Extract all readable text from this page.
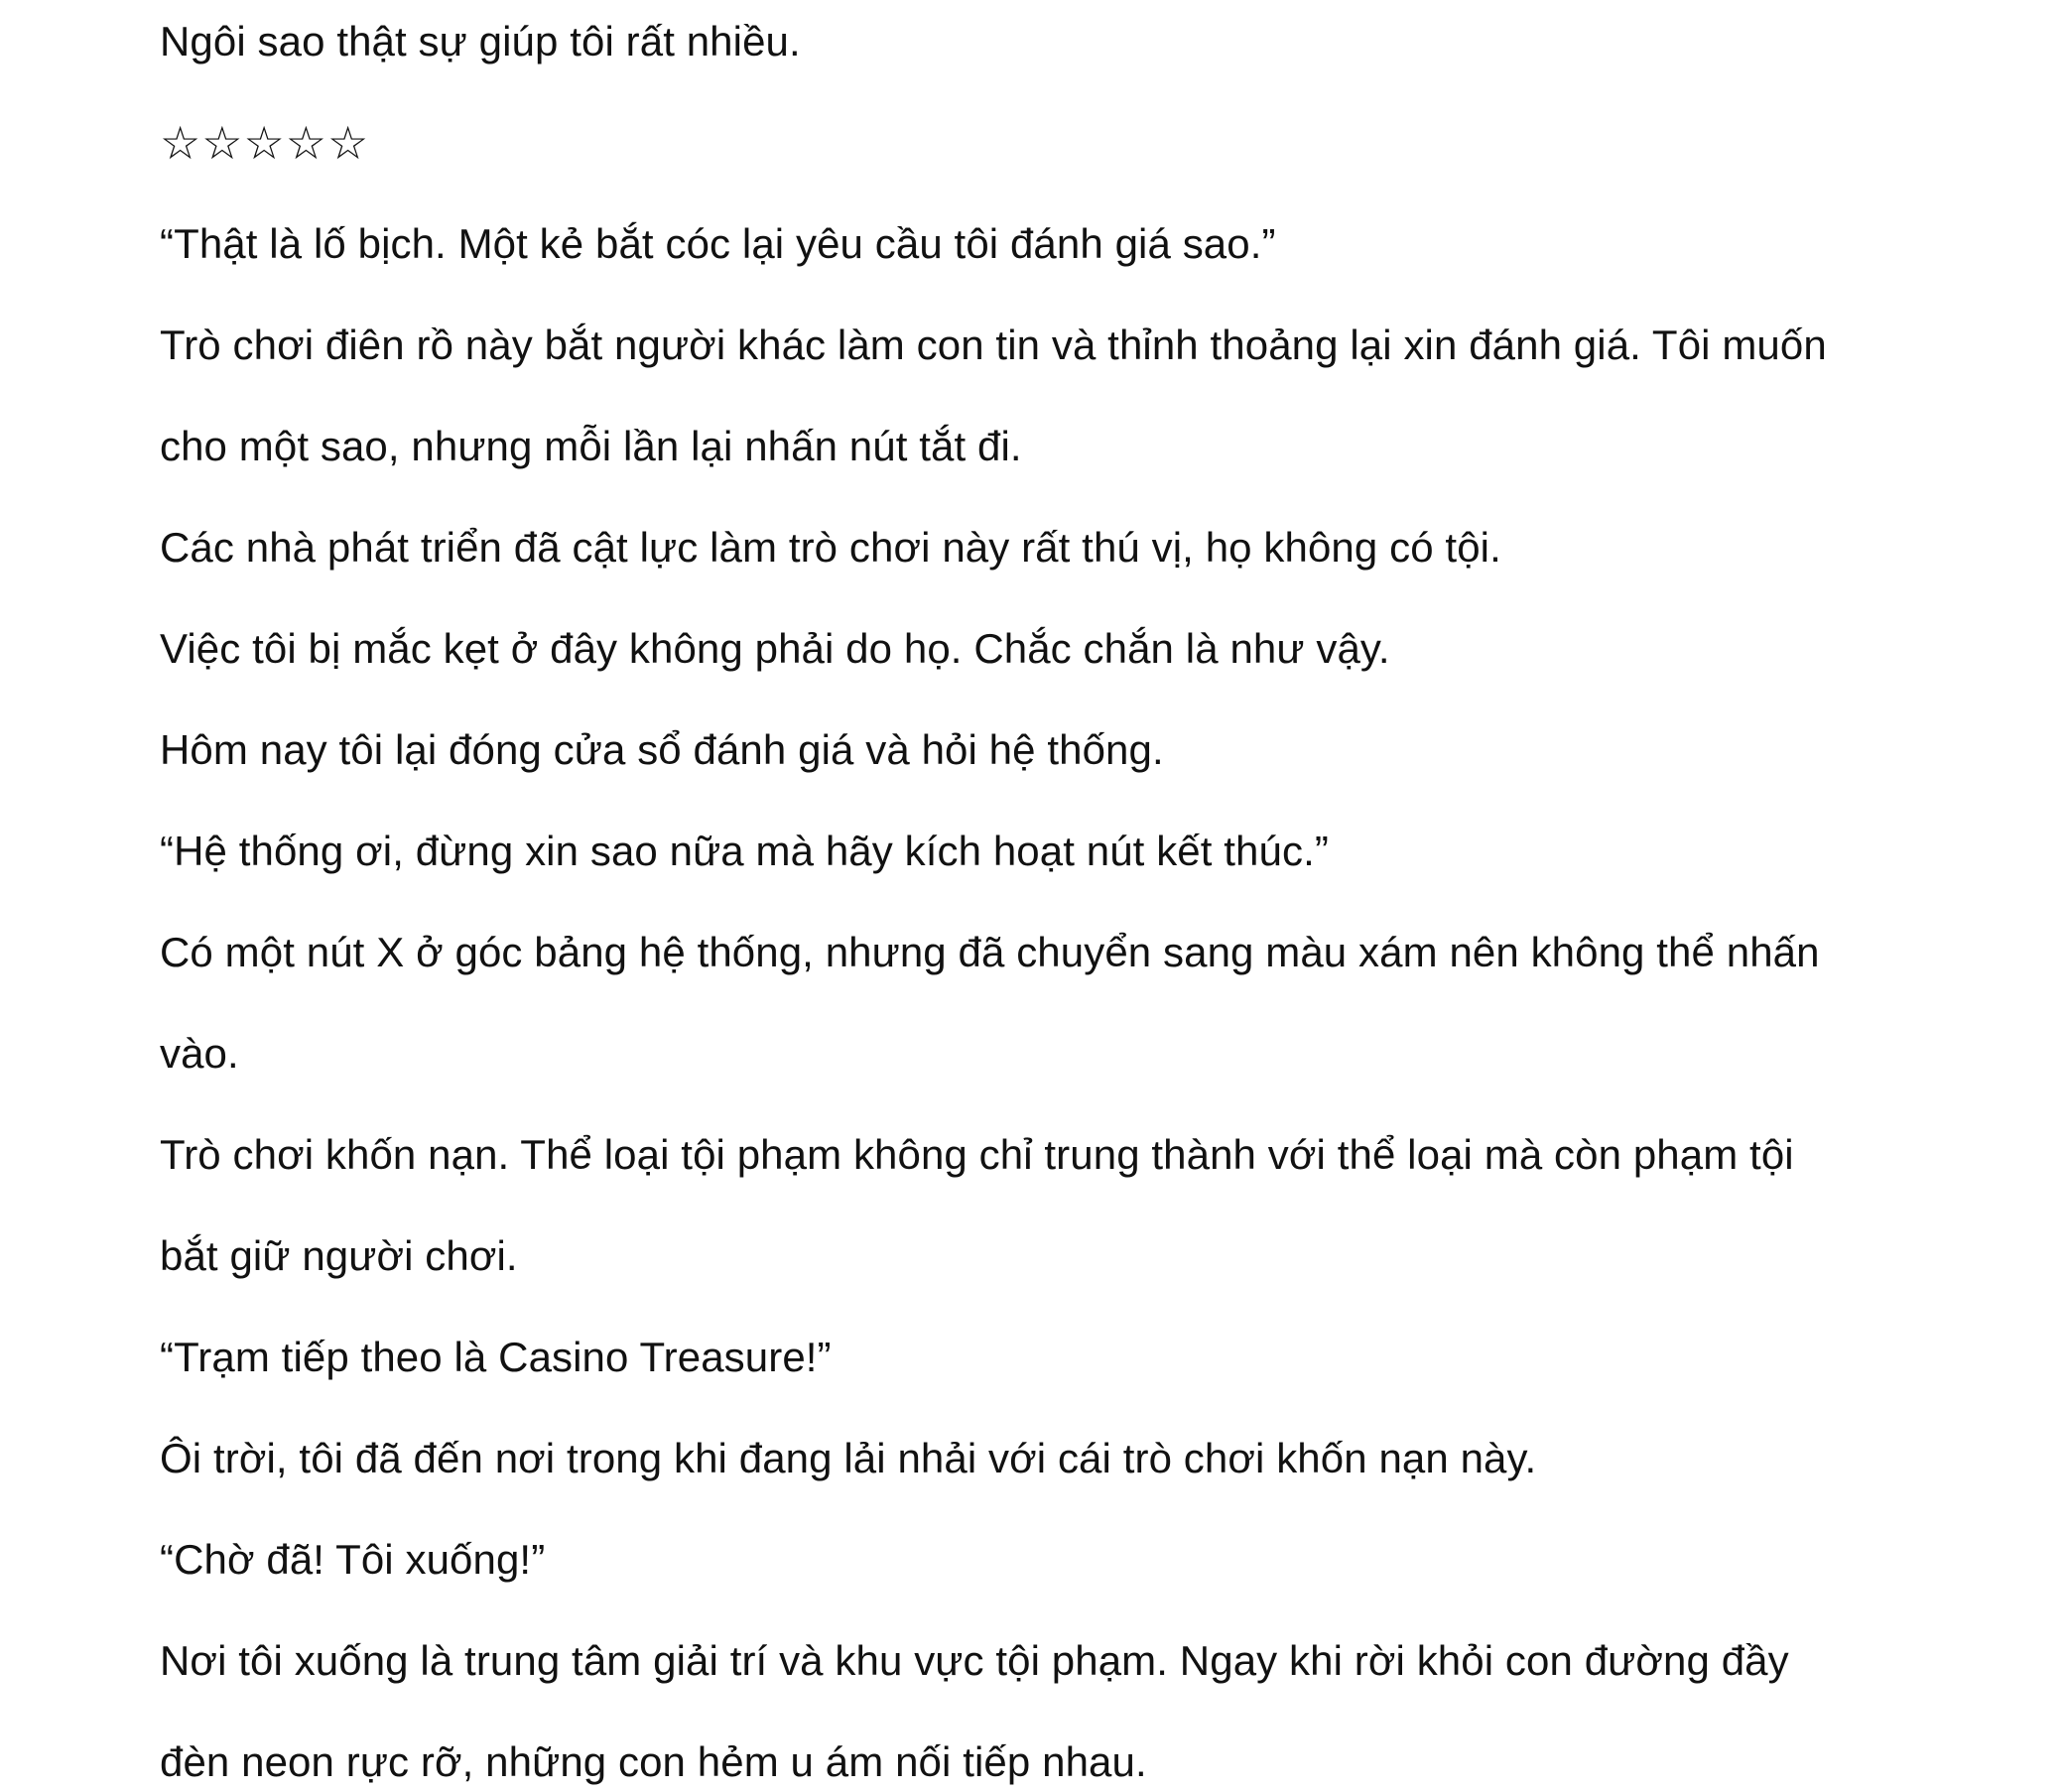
Ngôi sao thật sự giúp tôi rất nhiều.
☆☆☆☆☆
“Thật là lố bịch. Một kẻ bắt cóc lại yêu cầu tôi đánh giá sao.”
Trò chơi điên rồ này bắt người khác làm con tin và thỉnh thoảng lại xin đánh giá. Tôi muốn
cho một sao, nhưng mỗi lần lại nhấn nút tắt đi.
Các nhà phát triển đã cật lực làm trò chơi này rất thú vị, họ không có tội.
Việc tôi bị mắc kẹt ở đây không phải do họ. Chắc chắn là như vậy.
Hôm nay tôi lại đóng cửa sổ đánh giá và hỏi hệ thống.
“Hệ thống ơi, đừng xin sao nữa mà hãy kích hoạt nút kết thúc.”
Có một nút X ở góc bảng hệ thống, nhưng đã chuyển sang màu xám nên không thể nhấn
vào.
Trò chơi khốn nạn. Thể loại tội phạm không chỉ trung thành với thể loại mà còn phạm tội
bắt giữ người chơi.
“Trạm tiếp theo là Casino Treasure!”
Ôi trời, tôi đã đến nơi trong khi đang lải nhải với cái trò chơi khốn nạn này.
“Chờ đã! Tôi xuống!”
Nơi tôi xuống là trung tâm giải trí và khu vực tội phạm. Ngay khi rời khỏi con đường đầy
đèn neon rực rỡ, những con hẻm u ám nối tiếp nhau.
